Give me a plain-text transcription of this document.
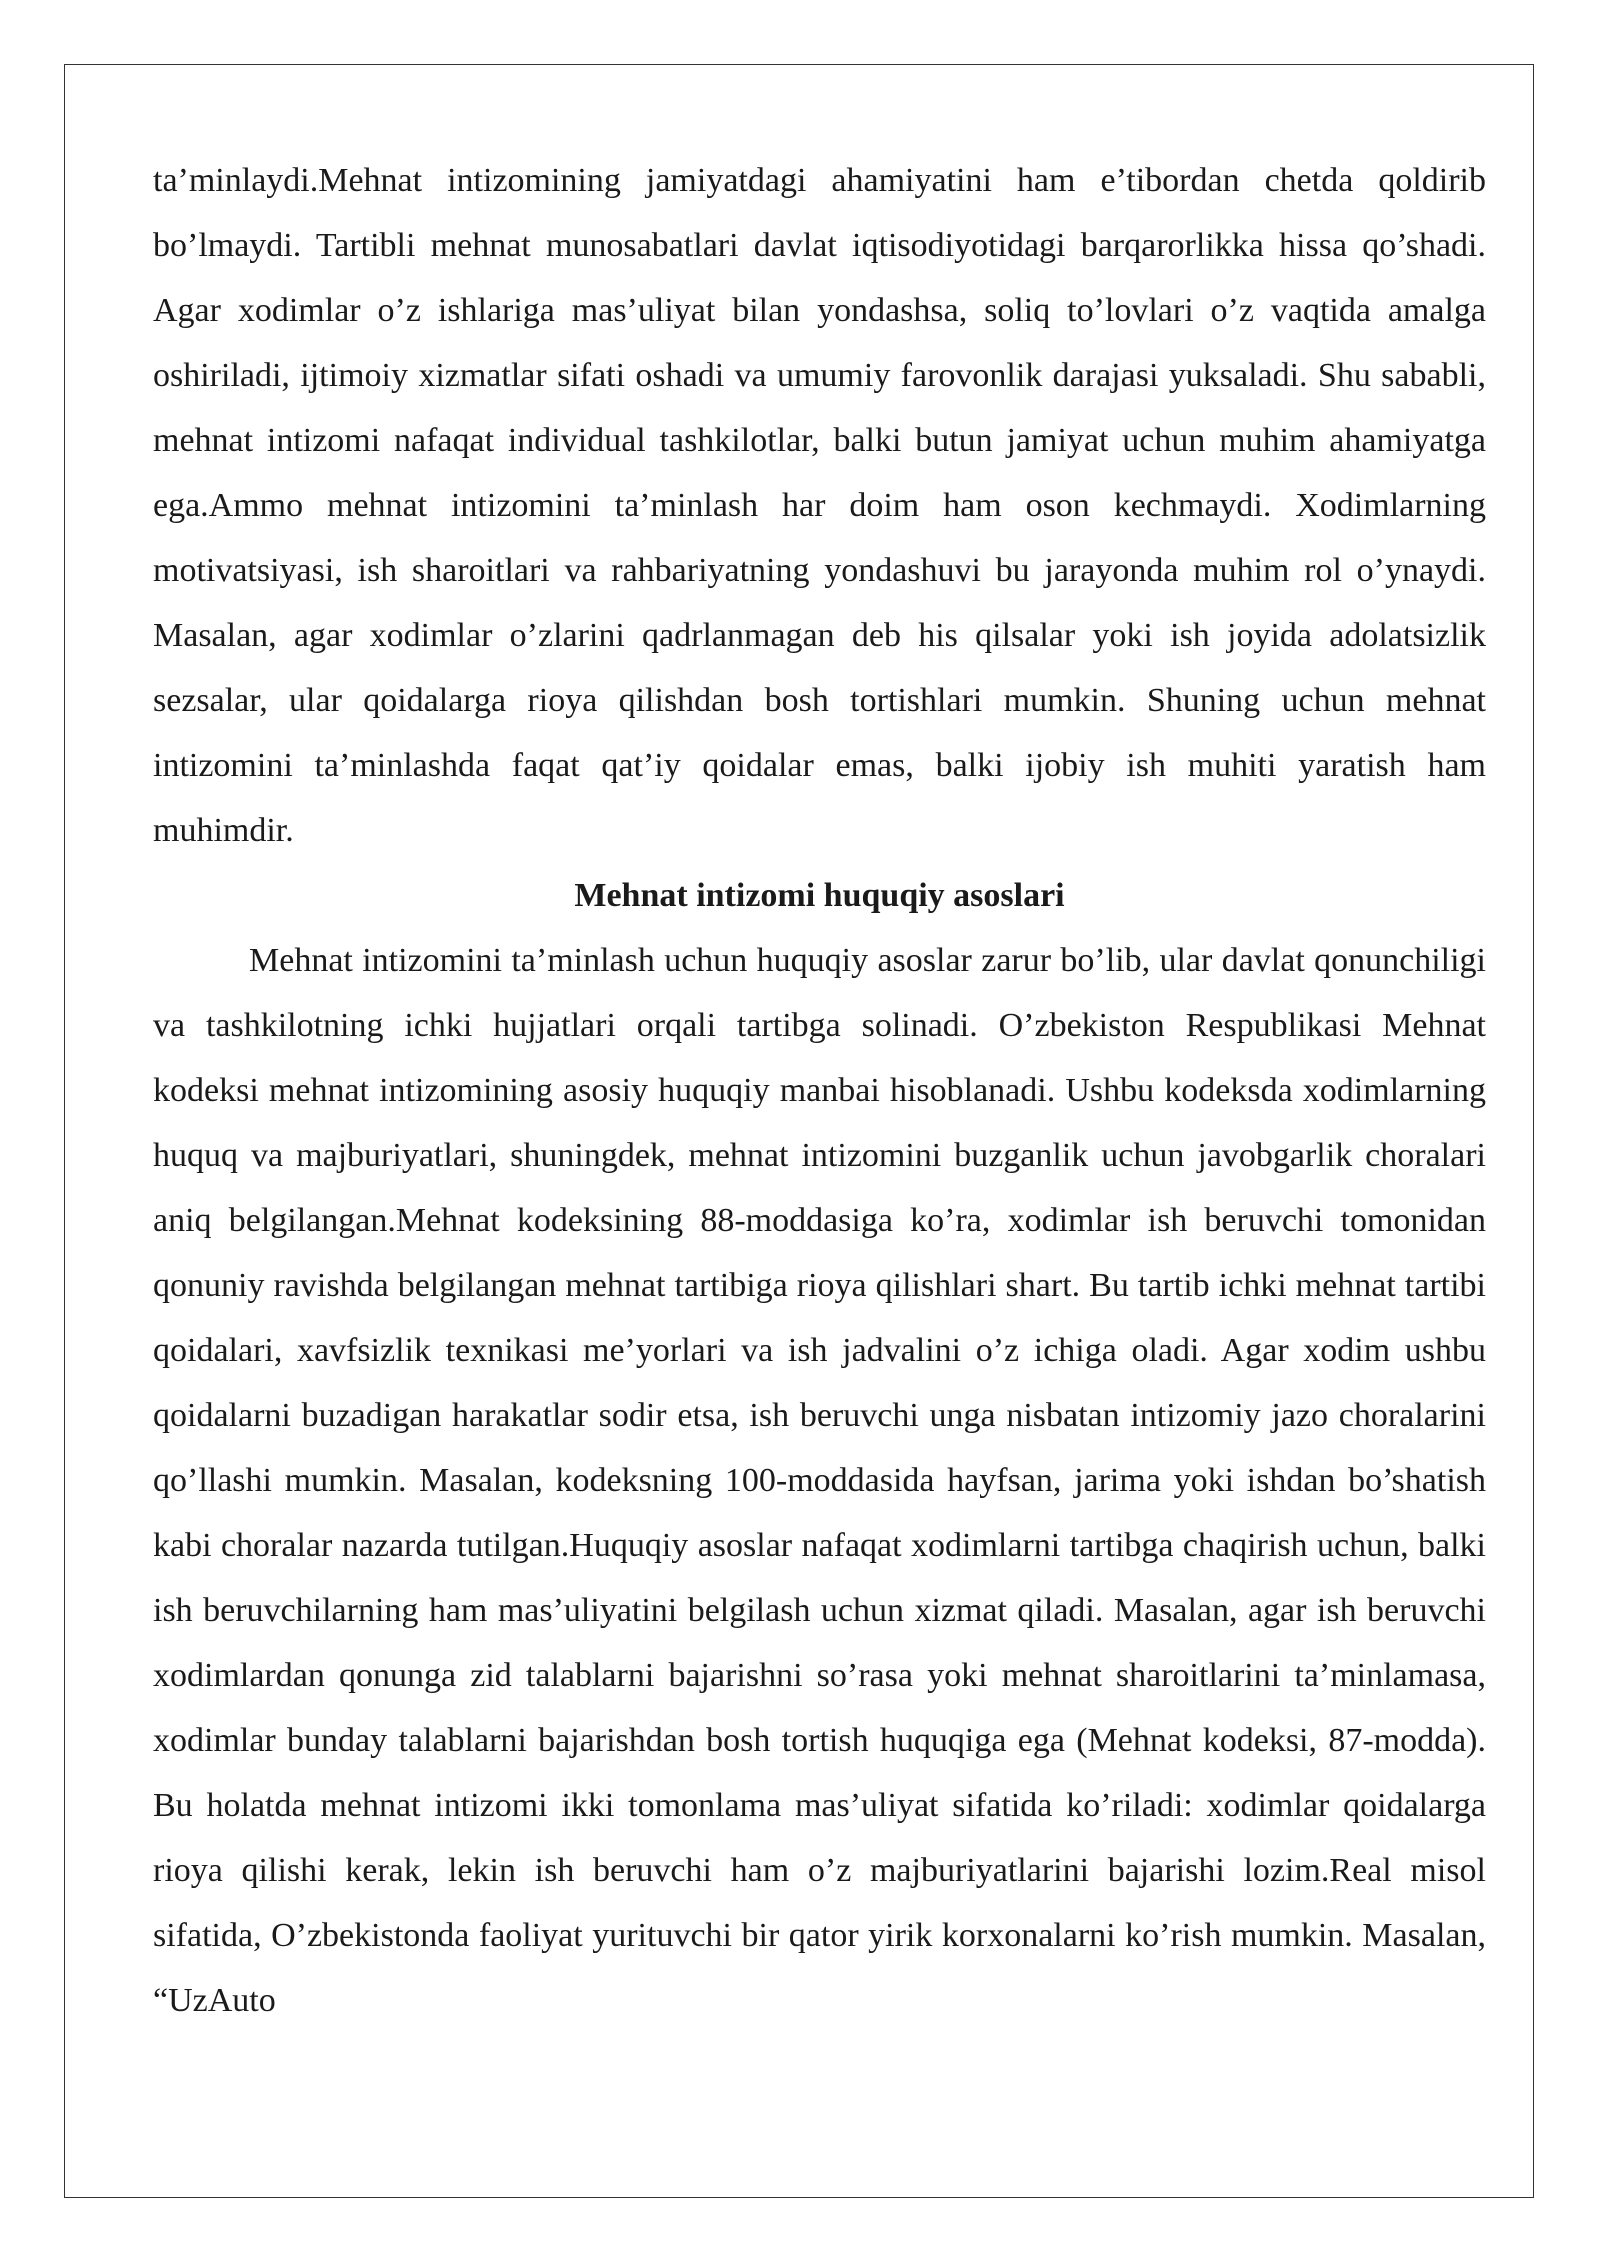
ta’minlaydi.Mehnat intizomining jamiyatdagi ahamiyatini ham e’tibordan chetda qoldirib bo’lmaydi. Tartibli mehnat munosabatlari davlat iqtisodiyotidagi barqarorlikka hissa qo’shadi. Agar xodimlar o’z ishlariga mas’uliyat bilan yondashsa, soliq to’lovlari o’z vaqtida amalga oshiriladi, ijtimoiy xizmatlar sifati oshadi va umumiy farovonlik darajasi yuksaladi. Shu sababli, mehnat intizomi nafaqat individual tashkilotlar, balki butun jamiyat uchun muhim ahamiyatga ega.Ammo mehnat intizomini ta’minlash har doim ham oson kechmaydi. Xodimlarning motivatsiyasi, ish sharoitlari va rahbariyatning yondashuvi bu jarayonda muhim rol o’ynaydi. Masalan, agar xodimlar o’zlarini qadrlanmagan deb his qilsalar yoki ish joyida adolatsizlik sezsalar, ular qoidalarga rioya qilishdan bosh tortishlari mumkin. Shuning uchun mehnat intizomini ta’minlashda faqat qat’iy qoidalar emas, balki ijobiy ish muhiti yaratish ham muhimdir.

Mehnat intizomi huquqiy asoslari

Mehnat intizomini ta’minlash uchun huquqiy asoslar zarur bo’lib, ular davlat qonunchiligi va tashkilotning ichki hujjatlari orqali tartibga solinadi. O’zbekiston Respublikasi Mehnat kodeksi mehnat intizomining asosiy huquqiy manbai hisoblanadi. Ushbu kodeksda xodimlarning huquq va majburiyatlari, shuningdek, mehnat intizomini buzganlik uchun javobgarlik choralari aniq belgilangan.Mehnat kodeksining 88-moddasiga ko’ra, xodimlar ish beruvchi tomonidan qonuniy ravishda belgilangan mehnat tartibiga rioya qilishlari shart. Bu tartib ichki mehnat tartibi qoidalari, xavfsizlik texnikasi me’yorlari va ish jadvalini o’z ichiga oladi. Agar xodim ushbu qoidalarni buzadigan harakatlar sodir etsa, ish beruvchi unga nisbatan intizomiy jazo choralarini qo’llashi mumkin. Masalan, kodeksning 100-moddasida hayfsan, jarima yoki ishdan bo’shatish kabi choralar nazarda tutilgan.Huquqiy asoslar nafaqat xodimlarni tartibga chaqirish uchun, balki ish beruvchilarning ham mas’uliyatini belgilash uchun xizmat qiladi. Masalan, agar ish beruvchi xodimlardan qonunga zid talablarni bajarishni so’rasa yoki mehnat sharoitlarini ta’minlamasa, xodimlar bunday talablarni bajarishdan bosh tortish huquqiga ega (Mehnat kodeksi, 87-modda). Bu holatda mehnat intizomi ikki tomonlama mas’uliyat sifatida ko’riladi: xodimlar qoidalarga rioya qilishi kerak, lekin ish beruvchi ham o’z majburiyatlarini bajarishi lozim.Real misol sifatida, O’zbekistonda faoliyat yurituvchi bir qator yirik korxonalarni ko’rish mumkin. Masalan, “UzAuto
